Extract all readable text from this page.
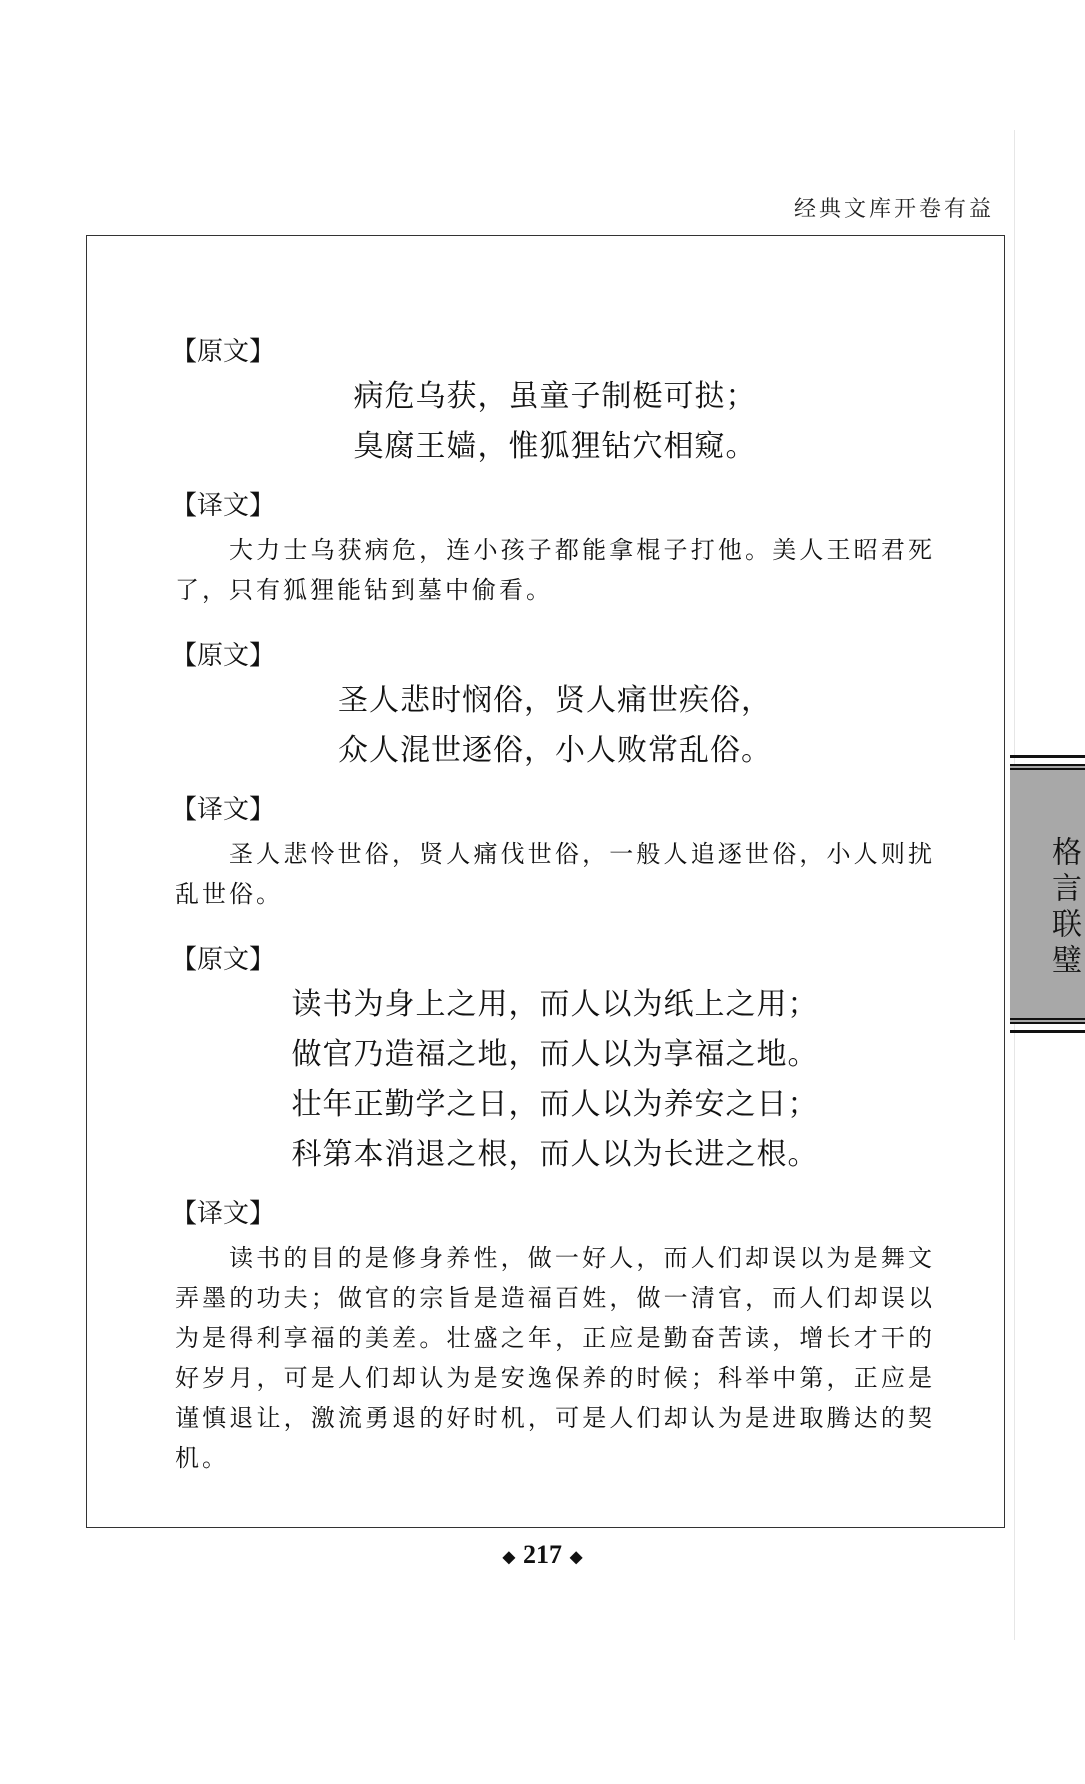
经典文库开卷有益
【原文】
病危乌获，虽童子制梃可挞；
臭腐王嫱，惟狐狸钻穴相窥。
【译文】
大力士乌获病危，连小孩子都能拿棍子打他。美人王昭君死了，只有狐狸能钻到墓中偷看。
【原文】
圣人悲时悯俗，贤人痛世疾俗，
众人混世逐俗，小人败常乱俗。
【译文】
圣人悲怜世俗，贤人痛伐世俗，一般人追逐世俗，小人则扰乱世俗。
【原文】
读书为身上之用，而人以为纸上之用；
做官乃造福之地，而人以为享福之地。
壮年正勤学之日，而人以为养安之日；
科第本消退之根，而人以为长进之根。
【译文】
读书的目的是修身养性，做一好人，而人们却误以为是舞文弄墨的功夫；做官的宗旨是造福百姓，做一清官，而人们却误以为是得利享福的美差。壮盛之年，正应是勤奋苦读，增长才干的好岁月，可是人们却认为是安逸保养的时候；科举中第，正应是谨慎退让，激流勇退的好时机，可是人们却认为是进取腾达的契机。
格言联璧
◆ 217 ◆
